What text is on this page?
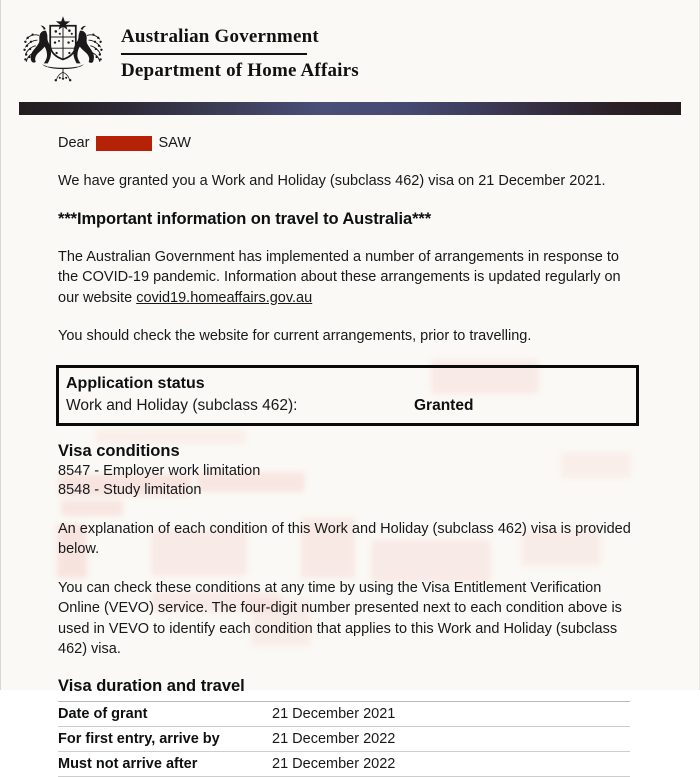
Australian Government
Department of Home Affairs
Dear	SAW

We have granted you a Work and Holiday (subclass 462) visa on 21 December 2021.

***Important information on travel to Australia***

The Australian Government has implemented a number of arrangements in response to the COVID-19 pandemic. Information about these arrangements is updated regularly on our website covid19.homeaffairs.gov.au

You should check the website for current arrangements, prior to travelling.

Application status
Work and Holiday (subclass 462):	Granted
Visa conditions
8547 - Employer work limitation
8548 - Study limitation

An explanation of each condition of this Work and Holiday (subclass 462) visa is provided below.

You can check these conditions at any time by using the Visa Entitlement Verification Online (VEVO) service. The four-digit number presented next to each condition above is used in VEVO to identify each condition that applies to this Work and Holiday (subclass 462) visa.

Visa duration and travel
Date of grant	21 December 2021
For first entry, arrive by	21 December 2022
Must not arrive after	21 December 2022
